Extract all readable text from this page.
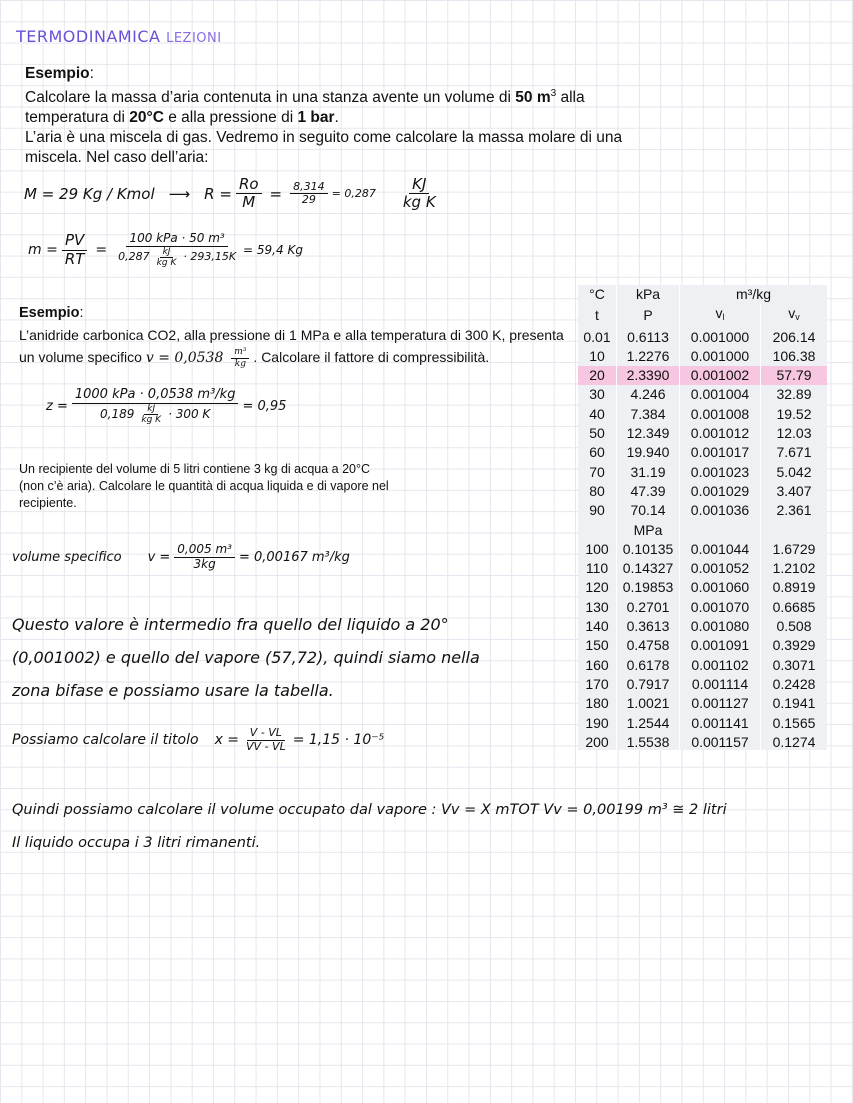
TERMODINAMICA LEZIONI

Esempio:

Calcolare la massa d’aria contenuta in una stanza avente un volume di 50 $m^3$ alla

temperatura di 20°C e alla pressione di 1 bar.

L’aria è una miscela di gas. Vedremo in seguito come calcolare la massa molare di una miscela. Nel caso dell’aria:

M = 29 Kg / Kmol ⟶ $R = \frac{Ro}{M} = \frac{8,314}{29} = 0,287 \frac{KJ}{\text{kg K}}$
$m = \frac{PV}{RT} = \frac{\text{100 kPa · 50 m³}}{0,287 \frac{kJ}{\text{kg K}} \cdot 293,15K} = 59,4$ Kg

Esempio:

L’anidride carbonica CO2, alla pressione di 1 MPa e alla temperatura di 300 K, presenta un volume specifico $v = 0,0538 \frac{\text{m³}}{kg}$ . Calcolare il fattore di compressibilità.

$z = \frac{\text{1000 kPa · 0,0538 m³/kg}}{0,189 \frac{kJ}{\text{kg K}} \cdot 300 K} = 0,95$
Un recipiente del volume di 5 litri contiene 3 kg di acqua a 20°C (non c’è aria). Calcolare le quantità di acqua liquida e di vapore nel recipiente.
volume specifico $v = \frac{\text{0,005 m³}}{3kg} = 0,00167$ m³/kg
Questo valore è intermedio fra quello del liquido a 20°
(0,001002) e quello del vapore (57,72), quindi siamo nella
zona bifase e possiamo usare la tabella.
Possiamo calcolare il titolo $x = \frac{V - VL}{VV - VL} = 1,15 \cdot 10^{-5}$
Quindi possiamo calcolare il volume occupato dal vapore : Vv = X mTOT Vv = 0,00199 m³ ≅ 2 litri
Il liquido occupa i 3 litri rimanenti.
°C	kPa	m³/kg	
t	P	$v_l$	$v_v$
0.01	0.6113	0.001000	206.14
10	1.2276	0.001000	106.38
20	2.3390	0.001002	57.79
30	4.246	0.001004	32.89
40	7.384	0.001008	19.52
50	12.349	0.001012	12.03
60	19.940	0.001017	7.671
70	31.19	0.001023	5.042
80	47.39	0.001029	3.407
90	70.14	0.001036	2.361
	MPa		
100	0.10135	0.001044	1.6729
110	0.14327	0.001052	1.2102
120	0.19853	0.001060	0.8919
130	0.2701	0.001070	0.6685
140	0.3613	0.001080	0.508
150	0.4758	0.001091	0.3929
160	0.6178	0.001102	0.3071
170	0.7917	0.001114	0.2428
180	1.0021	0.001127	0.1941
190	1.2544	0.001141	0.1565
200	1.5538	0.001157	0.1274
